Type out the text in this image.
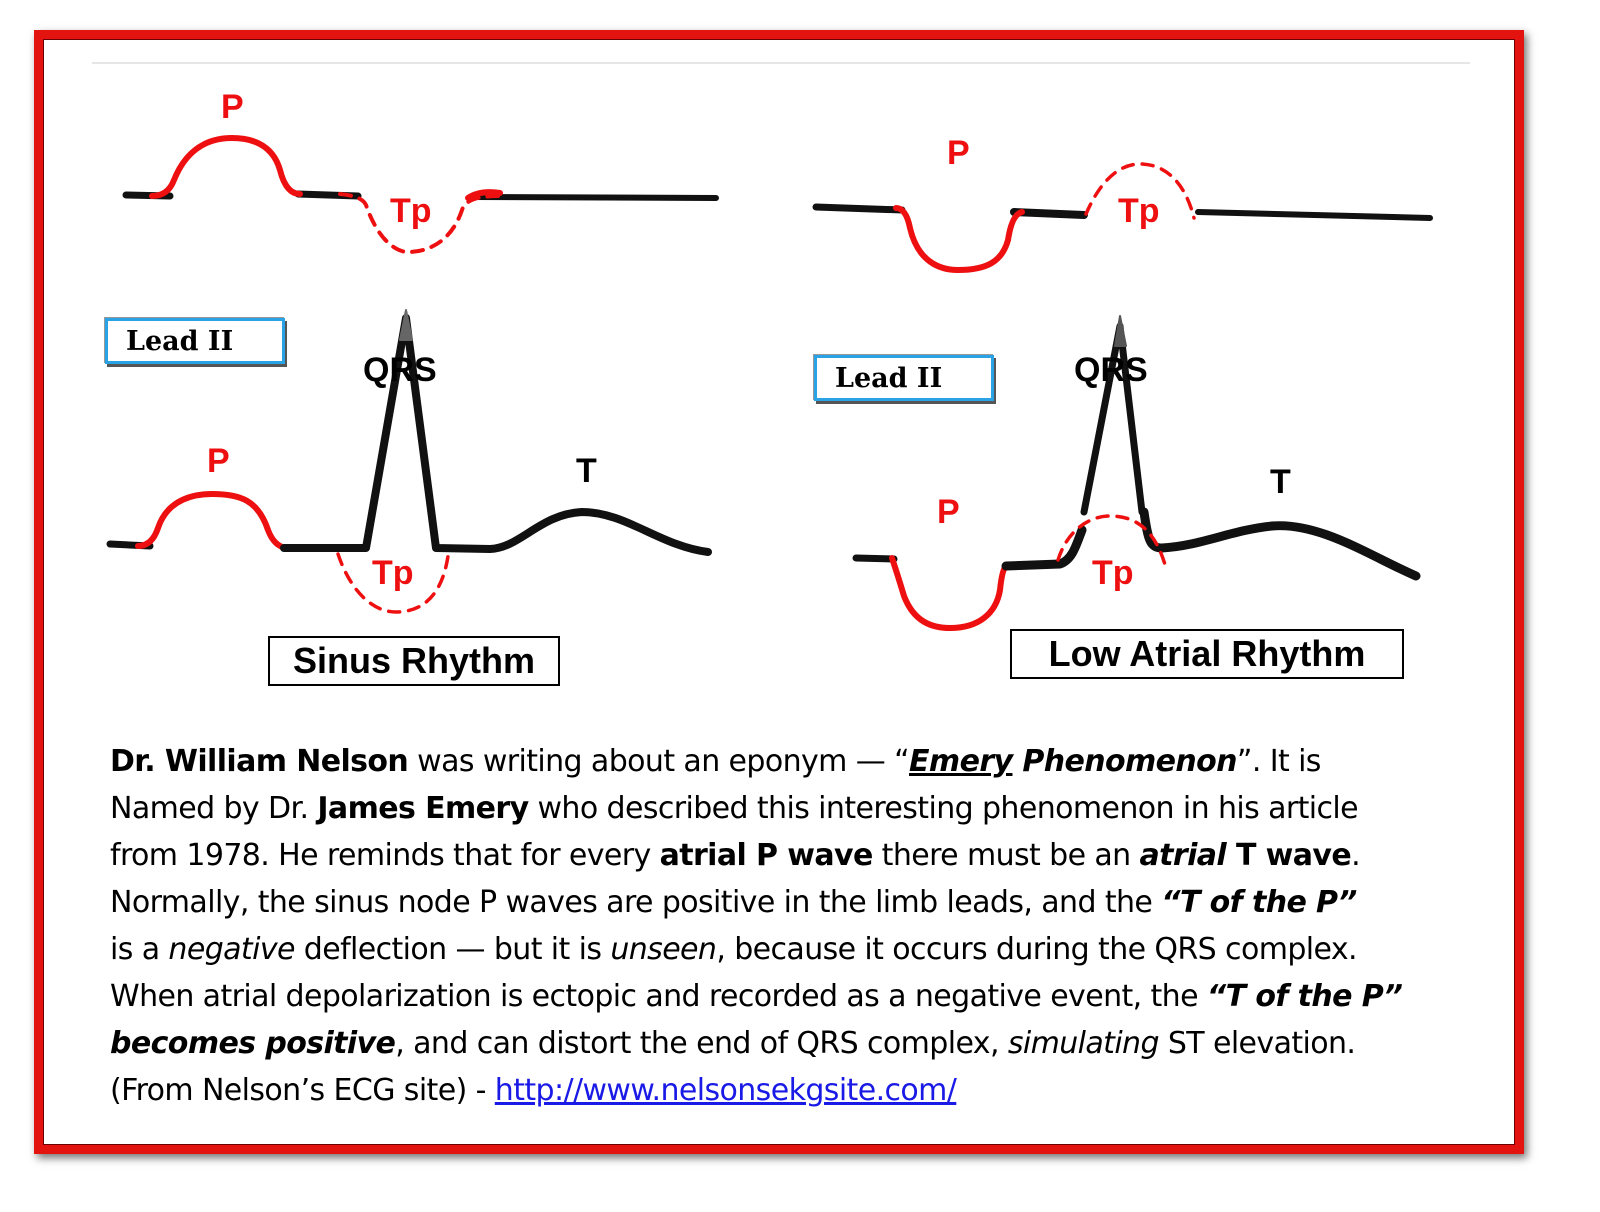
P
Tp
QRS
P
Tp
T
P
Tp
QRS
P
Tp
T
Lead II
Lead II
Sinus Rhythm	Low Atrial Rhythm
Dr. William Nelson was writing about an eponym — “Emery Phenomenon”. It is
Named by Dr. James Emery who described this interesting phenomenon in his article
from 1978. He reminds that for every atrial P wave there must be an atrial T wave.
Normally, the sinus node P waves are positive in the limb leads, and the “T of the P”
is a negative deflection — but it is unseen, because it occurs during the QRS complex.
When atrial depolarization is ectopic and recorded as a negative event, the “T of the P”
becomes positive, and can distort the end of QRS complex, simulating ST elevation.
(From Nelson’s ECG site) - http://www.nelsonsekgsite.com/
